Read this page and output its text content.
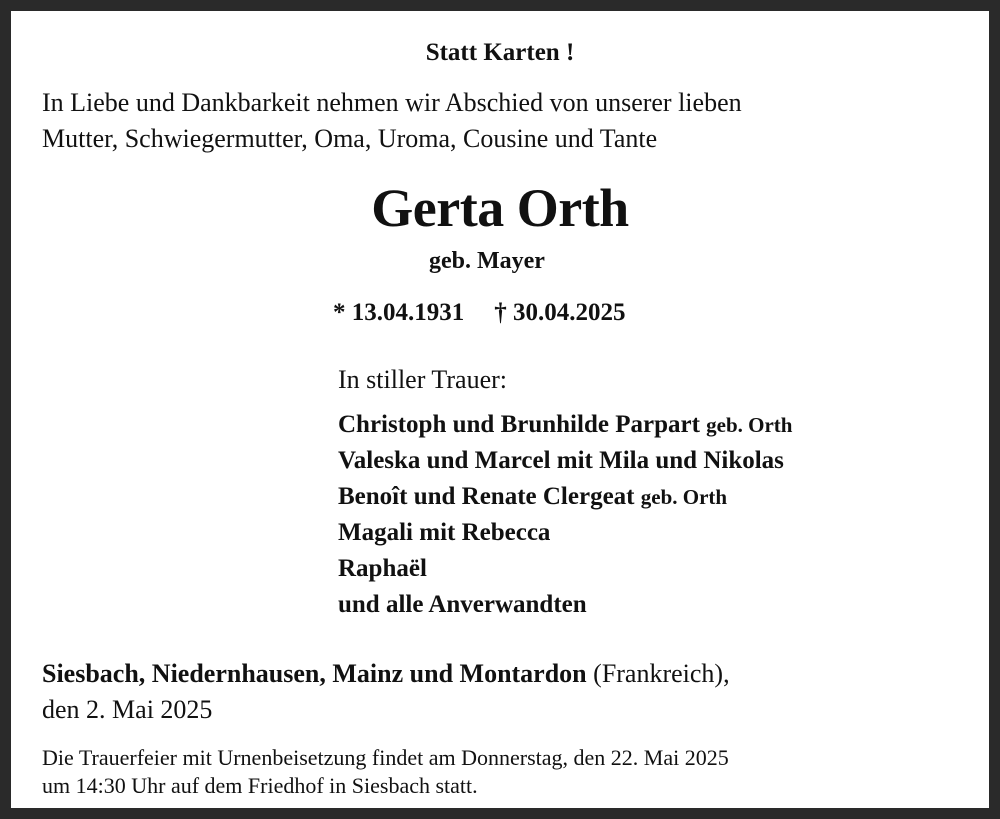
Statt Karten !
In Liebe und Dankbarkeit nehmen wir Abschied von unserer lieben
Mutter, Schwiegermutter, Oma, Uroma, Cousine und Tante
Gerta Orth
geb. Mayer
* 13.04.1931 † 30.04.2025
In stiller Trauer:
Christoph und Brunhilde Parpart geb. Orth
Valeska und Marcel mit Mila und Nikolas
Benoît und Renate Clergeat geb. Orth
Magali mit Rebecca
Raphaël
und alle Anverwandten
Siesbach, Niedernhausen, Mainz und Montardon (Frankreich),
den 2. Mai 2025
Die Trauerfeier mit Urnenbeisetzung findet am Donnerstag, den 22. Mai 2025
um 14:30 Uhr auf dem Friedhof in Siesbach statt.
